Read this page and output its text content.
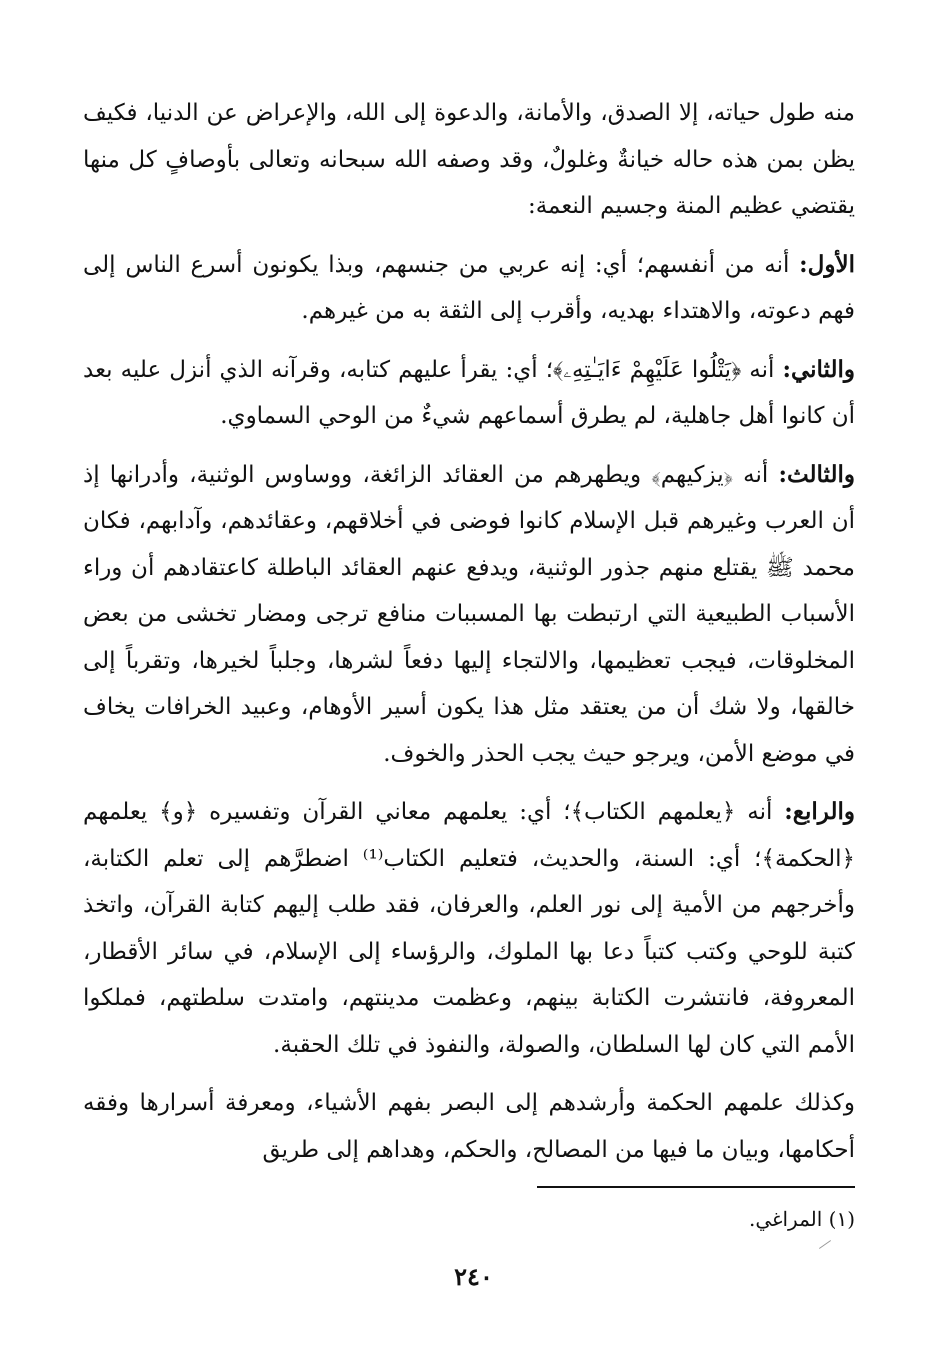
منه طول حياته، إلا الصدق، والأمانة، والدعوة إلى الله، والإعراض عن الدنيا، فكيف يظن بمن هذه حاله خيانةٌ وغلولٌ، وقد وصفه الله سبحانه وتعالى بأوصافٍ كل منها يقتضي عظيم المنة وجسيم النعمة:

الأول: أنه من أنفسهم؛ أي: إنه عربي من جنسهم، وبذا يكونون أسرع الناس إلى فهم دعوته، والاهتداء بهديه، وأقرب إلى الثقة به من غيرهم.

والثاني: أنه ﴿يَتْلُوا عَلَيْهِمْ ءَايَـٰتِهِۦ﴾؛ أي: يقرأ عليهم كتابه، وقرآنه الذي أنزل عليه بعد أن كانوا أهل جاهلية، لم يطرق أسماعهم شيءٌ من الوحي السماوي.

والثالث: أنه ﴿يزكيهم﴾ ويطهرهم من العقائد الزائغة، ووساوس الوثنية، وأدرانها إذ أن العرب وغيرهم قبل الإسلام كانوا فوضى في أخلاقهم، وعقائدهم، وآدابهم، فكان محمد ﷺ يقتلع منهم جذور الوثنية، ويدفع عنهم العقائد الباطلة كاعتقادهم أن وراء الأسباب الطبيعية التي ارتبطت بها المسببات منافع ترجى ومضار تخشى من بعض المخلوقات، فيجب تعظيمها، والالتجاء إليها دفعاً لشرها، وجلباً لخيرها، وتقرباً إلى خالقها، ولا شك أن من يعتقد مثل هذا يكون أسير الأوهام، وعبيد الخرافات يخاف في موضع الأمن، ويرجو حيث يجب الحذر والخوف.

والرابع: أنه ﴿يعلمهم الكتاب﴾؛ أي: يعلمهم معاني القرآن وتفسيره ﴿و﴾ يعلمهم ﴿الحكمة﴾؛ أي: السنة، والحديث، فتعليم الكتاب⁽¹⁾ اضطرَّهم إلى تعلم الكتابة، وأخرجهم من الأمية إلى نور العلم، والعرفان، فقد طلب إليهم كتابة القرآن، واتخذ كتبة للوحي وكتب كتباً دعا بها الملوك، والرؤساء إلى الإسلام، في سائر الأقطار، المعروفة، فانتشرت الكتابة بينهم، وعظمت مدينتهم، وامتدت سلطتهم، فملكوا الأمم التي كان لها السلطان، والصولة، والنفوذ في تلك الحقبة.

وكذلك علمهم الحكمة وأرشدهم إلى البصر بفهم الأشياء، ومعرفة أسرارها وفقه أحكامها، وبيان ما فيها من المصالح، والحكم، وهداهم إلى طريق

(١) المراغي.
٢٤٠
